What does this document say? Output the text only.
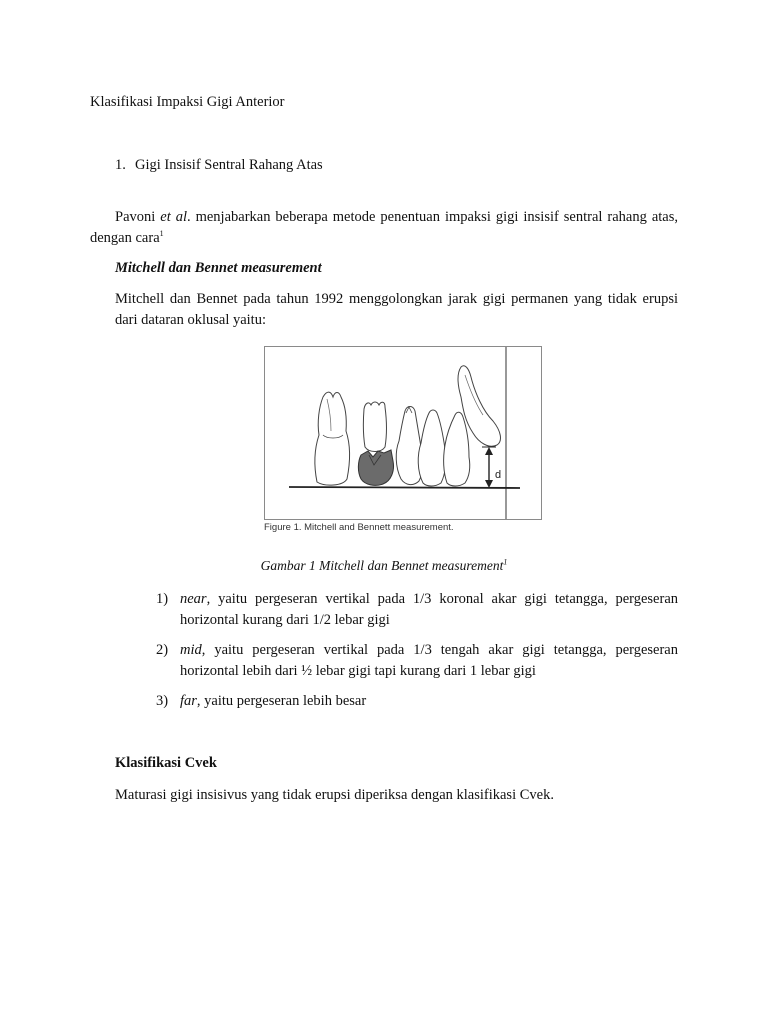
Klasifikasi Impaksi Gigi Anterior
1. Gigi Insisif Sentral Rahang Atas
Pavoni et al. menjabarkan beberapa metode penentuan impaksi gigi insisif sentral rahang atas,
dengan cara$^1$
Mitchell dan Bennet measurement
Mitchell dan Bennet pada tahun 1992 menggolongkan jarak gigi permanen yang tidak erupsi
dari dataran oklusal yaitu:
d
Figure 1. Mitchell and Bennett measurement.
Gambar 1 Mitchell dan Bennet measurement$^1$
1) near, yaitu pergeseran vertikal pada 1/3 koronal akar gigi tetangga, pergeseran
horizontal kurang dari 1/2 lebar gigi
2) mid, yaitu pergeseran vertikal pada 1/3 tengah akar gigi tetangga, pergeseran
horizontal lebih dari ½ lebar gigi tapi kurang dari 1 lebar gigi
3) far, yaitu pergeseran lebih besar
Klasifikasi Cvek
Maturasi gigi insisivus yang tidak erupsi diperiksa dengan klasifikasi Cvek.
